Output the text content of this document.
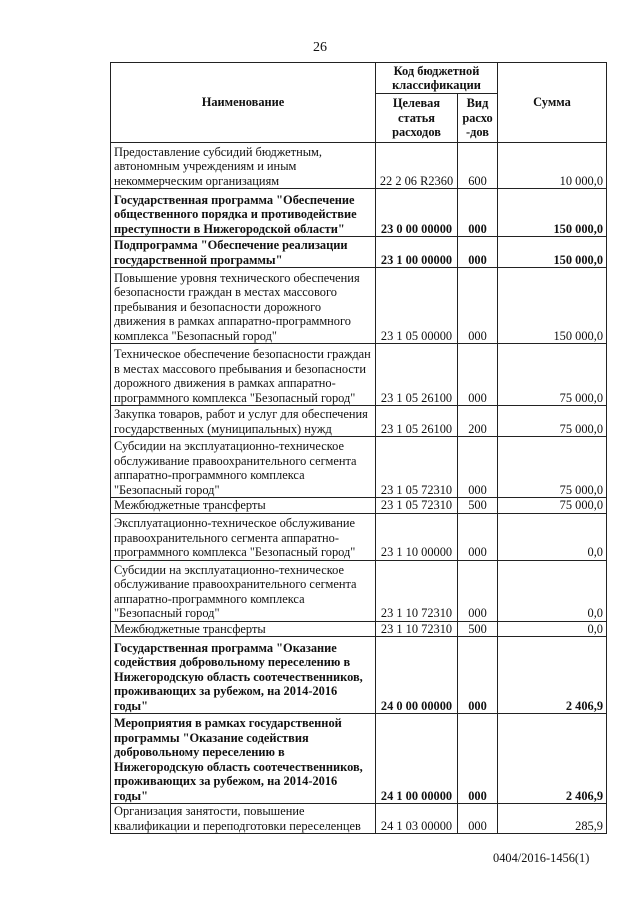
26
Наименование	Код бюджетной классификации		Сумма
	Целевая статья расходов	Вид расхо -дов	
Предоставление субсидий бюджетным, автономным учреждениям и иным некоммерческим организациям	22 2 06 R2360	600	10 000,0
Государственная программа "Обеспечение общественного порядка и противодействие преступности в Нижегородской области"	23 0 00 00000	000	150 000,0
Подпрограмма "Обеспечение реализации государственной программы"	23 1 00 00000	000	150 000,0
Повышение уровня технического обеспечения безопасности граждан в местах массового пребывания и безопасности дорожного движения в рамках аппаратно-программного комплекса "Безопасный город"	23 1 05 00000	000	150 000,0
Техническое обеспечение безопасности граждан в местах массового пребывания и безопасности дорожного движения в рамках аппаратно-программного комплекса "Безопасный город"	23 1 05 26100	000	75 000,0
Закупка товаров, работ и услуг для обеспечения государственных (муниципальных) нужд	23 1 05 26100	200	75 000,0
Субсидии на эксплуатационно-техническое обслуживание правоохранительного сегмента аппаратно-программного комплекса "Безопасный город"	23 1 05 72310	000	75 000,0
Межбюджетные трансферты	23 1 05 72310	500	75 000,0
Эксплуатационно-техническое обслуживание правоохранительного сегмента аппаратно-программного комплекса "Безопасный город"	23 1 10 00000	000	0,0
Субсидии на эксплуатационно-техническое обслуживание правоохранительного сегмента аппаратно-программного комплекса "Безопасный город"	23 1 10 72310	000	0,0
Межбюджетные трансферты	23 1 10 72310	500	0,0
Государственная программа "Оказание содействия добровольному переселению в Нижегородскую область соотечественников, проживающих за рубежом, на 2014-2016 годы"	24 0 00 00000	000	2 406,9
Мероприятия в рамках государственной программы "Оказание содействия добровольному переселению в Нижегородскую область соотечественников, проживающих за рубежом, на 2014-2016 годы"	24 1 00 00000	000	2 406,9
Организация занятости, повышение квалификации и переподготовки переселенцев	24 1 03 00000	000	285,9
0404/2016-1456(1)
